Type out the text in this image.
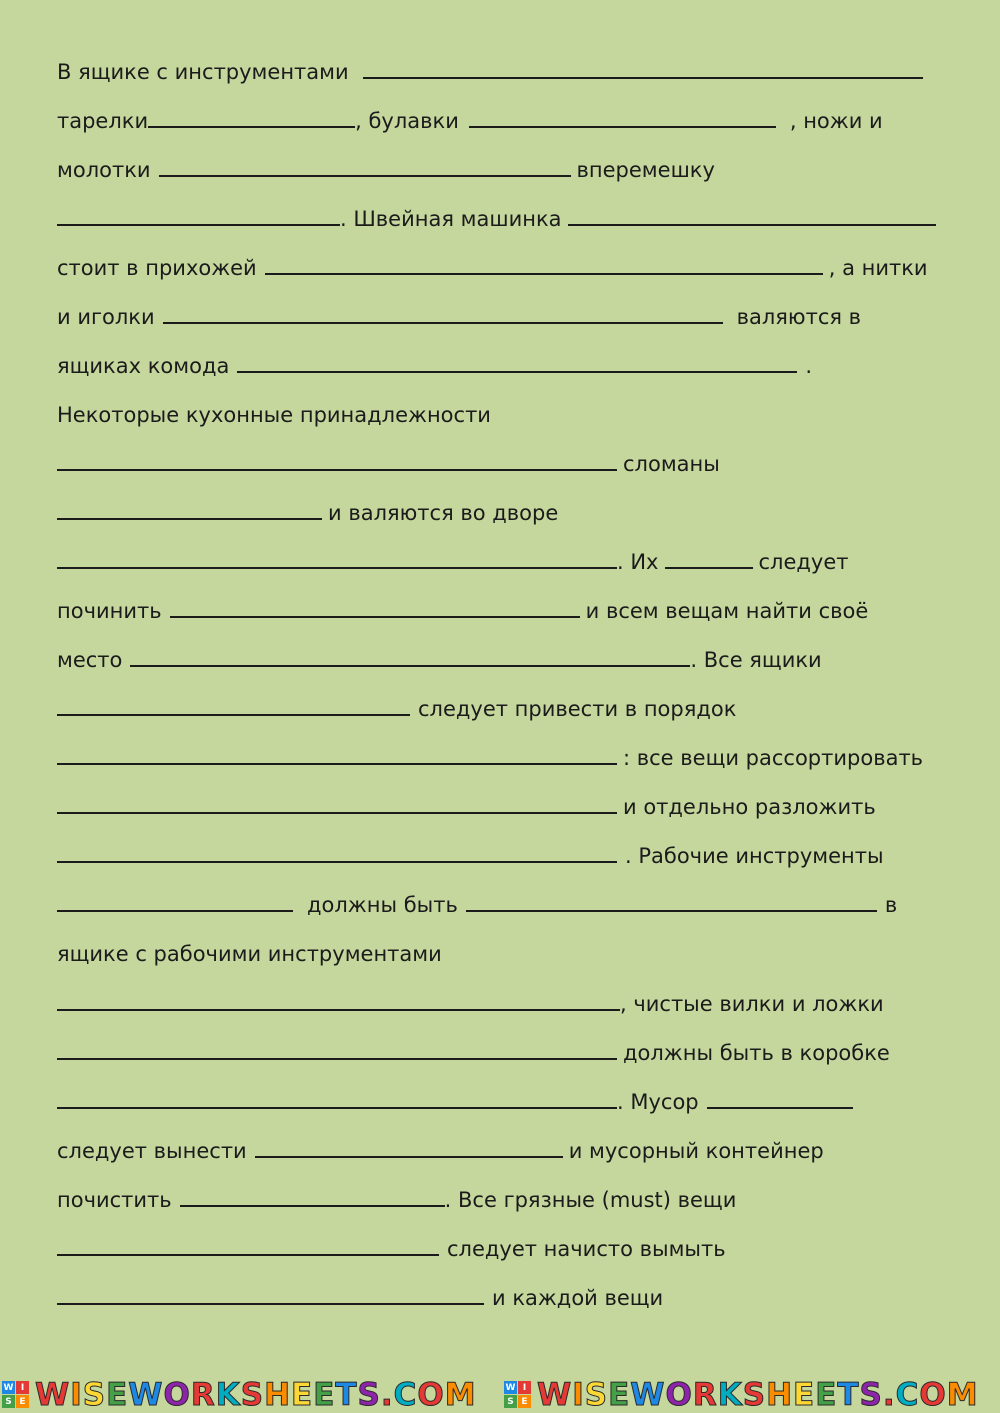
В ящике с инструментами
тарелки	, булавки	, ножи и
молотки	вперемешку
. Швейная машинка
стоит в прихожей	, а нитки
и иголки	валяются в
ящиках комода	.
Некоторые кухонные принадлежности
сломаны
и валяются во дворе
. Их	следует
починить	и всем вещам найти своё
место	. Все ящики
следует привести в порядок
: все вещи рассортировать
и отдельно разложить
. Рабочие инструменты
должны быть	в
ящике с рабочими инструментами
, чистые вилки и ложки
должны быть в коробке
. Мусор
следует вынести	и мусорный контейнер
почистить	. Все грязные (must) вещи
следует начисто вымыть
и каждой вещи
W I
S E WISEWORKSHEETS.COM	W I
S E WISEWORKSHEETS.COM
